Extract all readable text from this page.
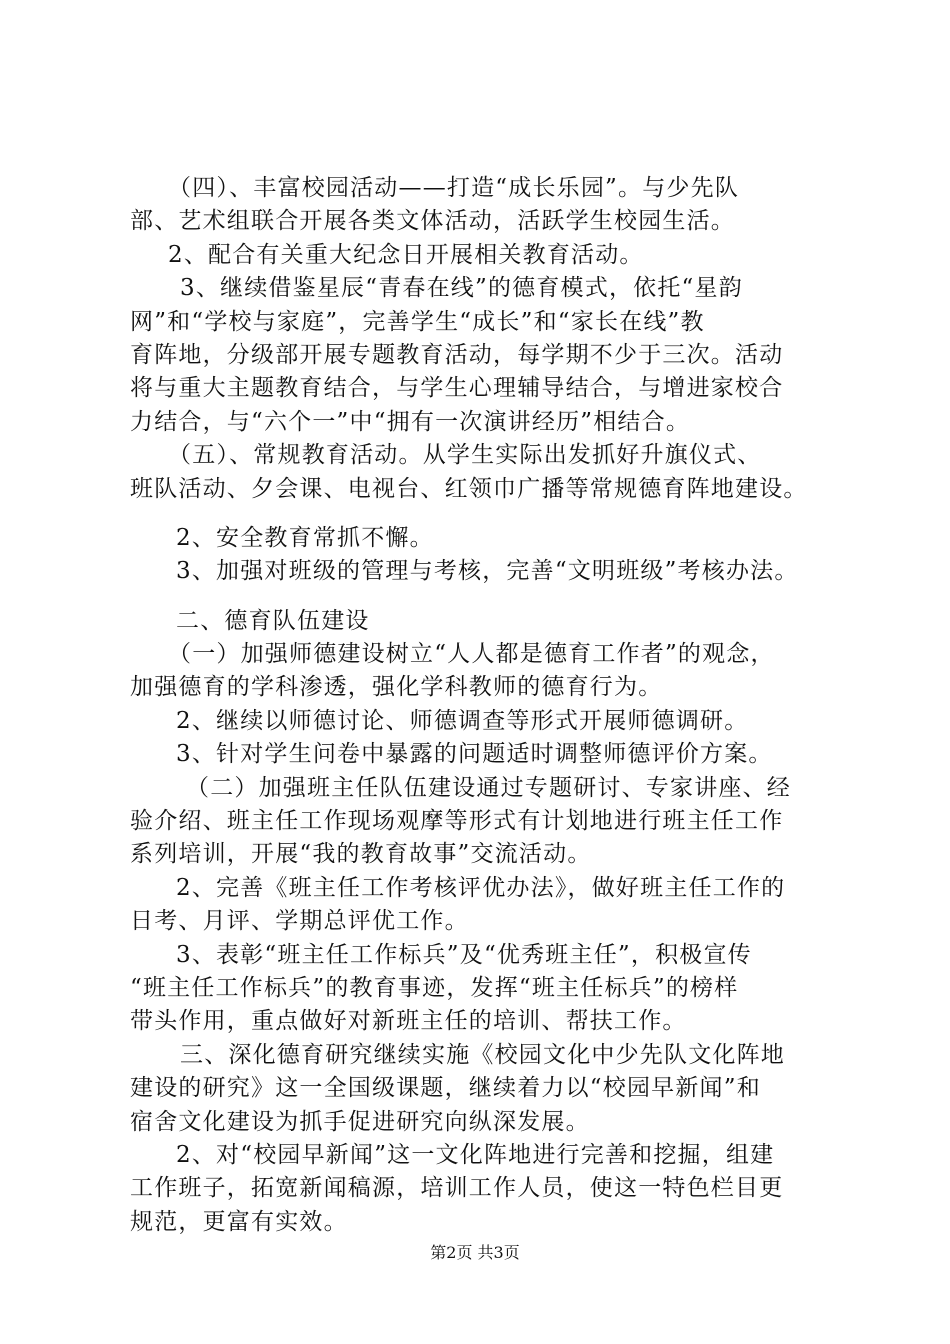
（四）、丰富校园活动——打造“成长乐园”。与少先队
部、艺术组联合开展各类文体活动，活跃学生校园生活。
2、配合有关重大纪念日开展相关教育活动。
3、继续借鉴星辰“青春在线”的德育模式，依托“星韵
网”和“学校与家庭”，完善学生“成长”和“家长在线”教
育阵地，分级部开展专题教育活动，每学期不少于三次。活动
将与重大主题教育结合，与学生心理辅导结合，与增进家校合
力结合，与“六个一”中“拥有一次演讲经历”相结合。
（五）、常规教育活动。从学生实际出发抓好升旗仪式、
班队活动、夕会课、电视台、红领巾广播等常规德育阵地建设。
2、安全教育常抓不懈。
3、加强对班级的管理与考核，完善“文明班级”考核办法。
二、德育队伍建设
（一）加强师德建设树立“人人都是德育工作者”的观念，
加强德育的学科渗透，强化学科教师的德育行为。
2、继续以师德讨论、师德调查等形式开展师德调研。
3、针对学生问卷中暴露的问题适时调整师德评价方案。
（二）加强班主任队伍建设通过专题研讨、专家讲座、经
验介绍、班主任工作现场观摩等形式有计划地进行班主任工作
系列培训，开展“我的教育故事”交流活动。
2、完善《班主任工作考核评优办法》，做好班主任工作的
日考、月评、学期总评优工作。
3、表彰“班主任工作标兵”及“优秀班主任”，积极宣传
“班主任工作标兵”的教育事迹，发挥“班主任标兵”的榜样
带头作用，重点做好对新班主任的培训、帮扶工作。
三、深化德育研究继续实施《校园文化中少先队文化阵地
建设的研究》这一全国级课题，继续着力以“校园早新闻”和
宿舍文化建设为抓手促进研究向纵深发展。
2、对“校园早新闻”这一文化阵地进行完善和挖掘，组建
工作班子，拓宽新闻稿源，培训工作人员，使这一特色栏目更
规范，更富有实效。
第2页 共3页
